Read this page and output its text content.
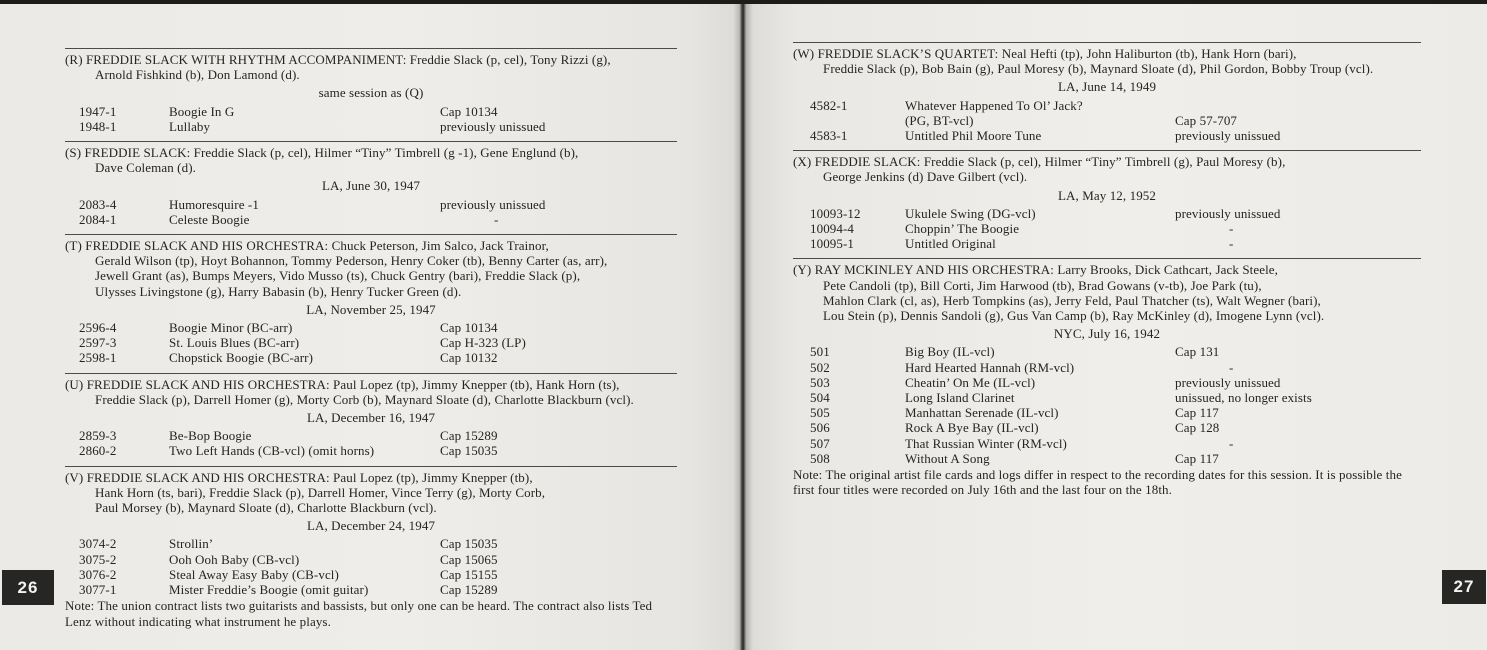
(R) FREDDIE SLACK WITH RHYTHM ACCOMPANIMENT: Freddie Slack (p, cel), Tony Rizzi (g),
Arnold Fishkind (b), Don Lamond (d).
same session as (Q)
1947-1	Boogie In G	Cap 10134
1948-1	Lullaby	previously unissued
(S) FREDDIE SLACK: Freddie Slack (p, cel), Hilmer “Tiny” Timbrell (g -1), Gene Englund (b),
Dave Coleman (d).
LA, June 30, 1947
2083-4	Humoresquire -1	previously unissued
2084-1	Celeste Boogie	-
(T) FREDDIE SLACK AND HIS ORCHESTRA: Chuck Peterson, Jim Salco, Jack Trainor,
Gerald Wilson (tp), Hoyt Bohannon, Tommy Pederson, Henry Coker (tb), Benny Carter (as, arr),
Jewell Grant (as), Bumps Meyers, Vido Musso (ts), Chuck Gentry (bari), Freddie Slack (p),
Ulysses Livingstone (g), Harry Babasin (b), Henry Tucker Green (d).
LA, November 25, 1947
2596-4	Boogie Minor (BC-arr)	Cap 10134
2597-3	St. Louis Blues (BC-arr)	Cap H-323 (LP)
2598-1	Chopstick Boogie (BC-arr)	Cap 10132
(U) FREDDIE SLACK AND HIS ORCHESTRA: Paul Lopez (tp), Jimmy Knepper (tb), Hank Horn (ts),
Freddie Slack (p), Darrell Homer (g), Morty Corb (b), Maynard Sloate (d), Charlotte Blackburn (vcl).
LA, December 16, 1947
2859-3	Be-Bop Boogie	Cap 15289
2860-2	Two Left Hands (CB-vcl) (omit horns)	Cap 15035
(V) FREDDIE SLACK AND HIS ORCHESTRA: Paul Lopez (tp), Jimmy Knepper (tb),
Hank Horn (ts, bari), Freddie Slack (p), Darrell Homer, Vince Terry (g), Morty Corb,
Paul Morsey (b), Maynard Sloate (d), Charlotte Blackburn (vcl).
LA, December 24, 1947
3074-2	Strollin’	Cap 15035
3075-2	Ooh Ooh Baby (CB-vcl)	Cap 15065
3076-2	Steal Away Easy Baby (CB-vcl)	Cap 15155
3077-1	Mister Freddie’s Boogie (omit guitar)	Cap 15289
Note: The union contract lists two guitarists and bassists, but only one can be heard. The contract also lists Ted Lenz without indicating what instrument he plays.
(W) FREDDIE SLACK’S QUARTET: Neal Hefti (tp), John Haliburton (tb), Hank Horn (bari),
Freddie Slack (p), Bob Bain (g), Paul Moresy (b), Maynard Sloate (d), Phil Gordon, Bobby Troup (vcl).
LA, June 14, 1949
4582-1	Whatever Happened To Ol’ Jack?
(PG, BT-vcl)	Cap 57-707
4583-1	Untitled Phil Moore Tune	previously unissued
(X) FREDDIE SLACK: Freddie Slack (p, cel), Hilmer “Tiny” Timbrell (g), Paul Moresy (b),
George Jenkins (d) Dave Gilbert (vcl).
LA, May 12, 1952
10093-12	Ukulele Swing (DG-vcl)	previously unissued
10094-4	Choppin’ The Boogie	-
10095-1	Untitled Original	-
(Y) RAY MCKINLEY AND HIS ORCHESTRA: Larry Brooks, Dick Cathcart, Jack Steele,
Pete Candoli (tp), Bill Corti, Jim Harwood (tb), Brad Gowans (v-tb), Joe Park (tu),
Mahlon Clark (cl, as), Herb Tompkins (as), Jerry Feld, Paul Thatcher (ts), Walt Wegner (bari),
Lou Stein (p), Dennis Sandoli (g), Gus Van Camp (b), Ray McKinley (d), Imogene Lynn (vcl).
NYC, July 16, 1942
501	Big Boy (IL-vcl)	Cap 131
502	Hard Hearted Hannah (RM-vcl)	-
503	Cheatin’ On Me (IL-vcl)	previously unissued
504	Long Island Clarinet	unissued, no longer exists
505	Manhattan Serenade (IL-vcl)	Cap 117
506	Rock A Bye Bay (IL-vcl)	Cap 128
507	That Russian Winter (RM-vcl)	-
508	Without A Song	Cap 117
Note: The original artist file cards and logs differ in respect to the recording dates for this session. It is possible the first four titles were recorded on July 16th and the last four on the 18th.
26	27
